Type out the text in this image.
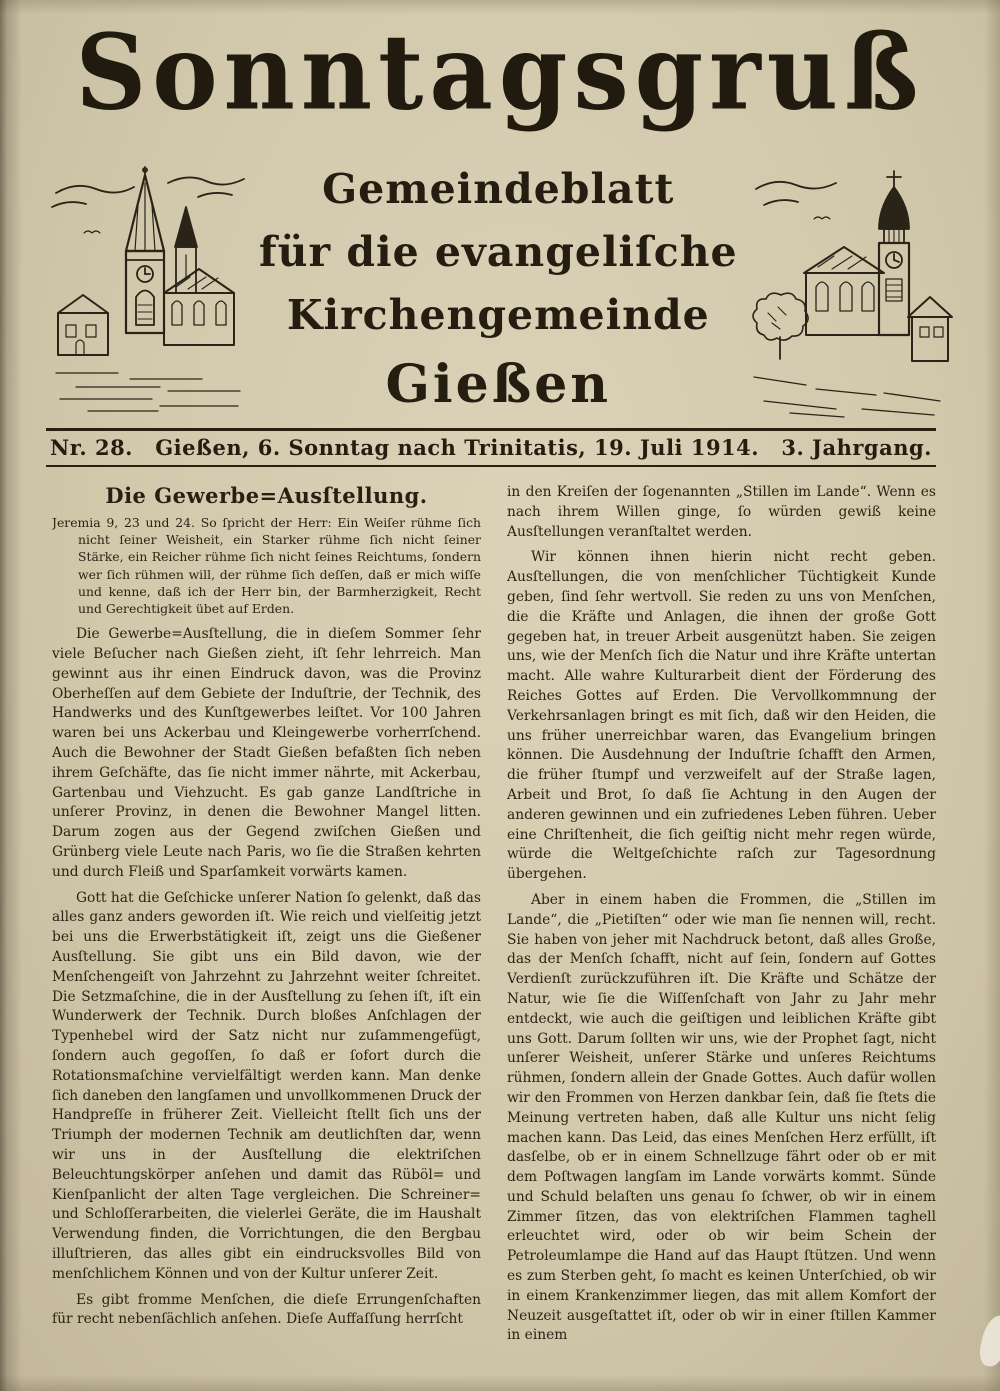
Sonntagsgruß
Gemeindeblatt
für die evangeliſche
Kirchengemeinde
Gießen
Nr. 28. Gießen, 6. Sonntag nach Trinitatis, 19. Juli 1914. 3. Jahrgang.
Die Gewerbe=Ausſtellung.

Jeremia 9, 23 und 24. So ſpricht der Herr: Ein Weiſer rühme ſich nicht ſeiner Weisheit, ein Starker rühme ſich nicht ſeiner Stärke, ein Reicher rühme ſich nicht ſeines Reichtums, ſondern wer ſich rühmen will, der rühme ſich deſſen, daß er mich wiſſe und kenne, daß ich der Herr bin, der Barmherzigkeit, Recht und Gerechtigkeit übet auf Erden.

Die Gewerbe=Ausſtellung, die in dieſem Sommer ſehr viele Beſucher nach Gießen zieht, iſt ſehr lehrreich. Man gewinnt aus ihr einen Eindruck davon, was die Provinz Oberheſſen auf dem Gebiete der Induſtrie, der Technik, des Handwerks und des Kunſtgewerbes leiſtet. Vor 100 Jahren waren bei uns Ackerbau und Kleingewerbe vorherrſchend. Auch die Bewohner der Stadt Gießen befaßten ſich neben ihrem Geſchäfte, das ſie nicht immer nährte, mit Ackerbau, Gartenbau und Viehzucht. Es gab ganze Landſtriche in unſerer Provinz, in denen die Bewohner Mangel litten. Darum zogen aus der Gegend zwiſchen Gießen und Grünberg viele Leute nach Paris, wo ſie die Straßen kehrten und durch Fleiß und Sparſamkeit vorwärts kamen.

Gott hat die Geſchicke unſerer Nation ſo gelenkt, daß das alles ganz anders geworden iſt. Wie reich und vielſeitig jetzt bei uns die Erwerbstätigkeit iſt, zeigt uns die Gießener Ausſtellung. Sie gibt uns ein Bild davon, wie der Menſchengeiſt von Jahrzehnt zu Jahrzehnt weiter ſchreitet. Die Setzmaſchine, die in der Ausſtellung zu ſehen iſt, iſt ein Wunderwerk der Technik. Durch bloßes Anſchlagen der Typenhebel wird der Satz nicht nur zuſammengefügt, ſondern auch gegoſſen, ſo daß er ſofort durch die Rotationsmaſchine vervielfältigt werden kann. Man denke ſich daneben den langſamen und unvollkommenen Druck der Handpreſſe in früherer Zeit. Vielleicht ſtellt ſich uns der Triumph der modernen Technik am deutlichſten dar, wenn wir uns in der Ausſtellung die elektriſchen Beleuchtungskörper anſehen und damit das Rüböl= und Kienſpanlicht der alten Tage vergleichen. Die Schreiner= und Schloſſerarbeiten, die vielerlei Geräte, die im Haushalt Verwendung finden, die Vorrichtungen, die den Bergbau illuſtrieren, das alles gibt ein eindrucksvolles Bild von menſchlichem Können und von der Kultur unſerer Zeit.

Es gibt fromme Menſchen, die dieſe Errungenſchaften für recht nebenſächlich anſehen. Dieſe Auffaſſung herrſcht

in den Kreiſen der ſogenannten „Stillen im Lande“. Wenn es nach ihrem Willen ginge, ſo würden gewiß keine Ausſtellungen veranſtaltet werden.

Wir können ihnen hierin nicht recht geben. Ausſtellungen, die von menſchlicher Tüchtigkeit Kunde geben, ſind ſehr wertvoll. Sie reden zu uns von Menſchen, die die Kräfte und Anlagen, die ihnen der große Gott gegeben hat, in treuer Arbeit ausgenützt haben. Sie zeigen uns, wie der Menſch ſich die Natur und ihre Kräfte untertan macht. Alle wahre Kulturarbeit dient der Förderung des Reiches Gottes auf Erden. Die Vervollkommnung der Verkehrsanlagen bringt es mit ſich, daß wir den Heiden, die uns früher unerreichbar waren, das Evangelium bringen können. Die Ausdehnung der Induſtrie ſchafft den Armen, die früher ſtumpf und verzweifelt auf der Straße lagen, Arbeit und Brot, ſo daß ſie Achtung in den Augen der anderen gewinnen und ein zufriedenes Leben führen. Ueber eine Chriſtenheit, die ſich geiſtig nicht mehr regen würde, würde die Weltgeſchichte raſch zur Tagesordnung übergehen.

Aber in einem haben die Frommen, die „Stillen im Lande“, die „Pietiſten“ oder wie man ſie nennen will, recht. Sie haben von jeher mit Nachdruck betont, daß alles Große, das der Menſch ſchafft, nicht auf ſein, ſondern auf Gottes Verdienſt zurückzuführen iſt. Die Kräfte und Schätze der Natur, wie ſie die Wiſſenſchaft von Jahr zu Jahr mehr entdeckt, wie auch die geiſtigen und leiblichen Kräfte gibt uns Gott. Darum ſollten wir uns, wie der Prophet ſagt, nicht unſerer Weisheit, unſerer Stärke und unſeres Reichtums rühmen, ſondern allein der Gnade Gottes. Auch dafür wollen wir den Frommen von Herzen dankbar ſein, daß ſie ſtets die Meinung vertreten haben, daß alle Kultur uns nicht ſelig machen kann. Das Leid, das eines Menſchen Herz erfüllt, iſt dasſelbe, ob er in einem Schnellzuge fährt oder ob er mit dem Poſtwagen langſam im Lande vorwärts kommt. Sünde und Schuld belaſten uns genau ſo ſchwer, ob wir in einem Zimmer ſitzen, das von elektriſchen Flammen taghell erleuchtet wird, oder ob wir beim Schein der Petroleumlampe die Hand auf das Haupt ſtützen. Und wenn es zum Sterben geht, ſo macht es keinen Unterſchied, ob wir in einem Krankenzimmer liegen, das mit allem Komfort der Neuzeit ausgeſtattet iſt, oder ob wir in einer ſtillen Kammer in einem
